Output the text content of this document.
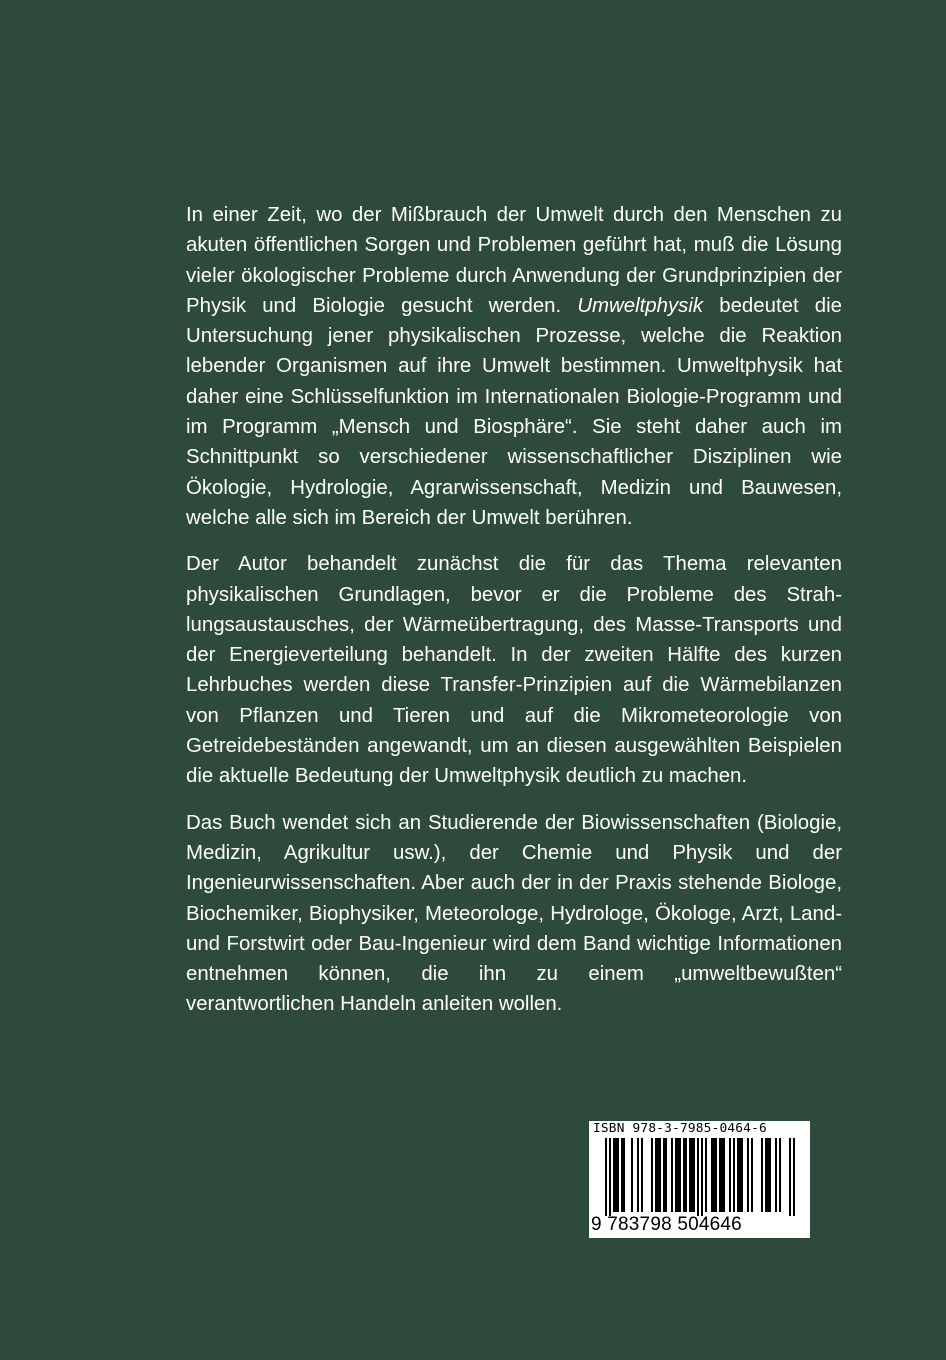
In einer Zeit, wo der Mißbrauch der Umwelt durch den Menschen zu akuten öffentlichen Sorgen und Problemen geführt hat, muß die Lösung vieler ökologischer Probleme durch Anwendung der Grundprinzipien der Physik und Biologie gesucht werden. Umweltphysik bedeutet die Untersuchung jener physikalischen Prozesse, welche die Reaktion lebender Organismen auf ihre Umwelt bestimmen. Umweltphysik hat daher eine Schlüsselfunktion im Internationalen Biologie-Programm und im Programm „Mensch und Biosphäre“. Sie steht daher auch im Schnittpunkt so verschiedener wissenschaftlicher Disziplinen wie Ökologie, Hydrologie, Agrarwissenschaft, Medizin und Bauwesen, welche alle sich im Bereich der Umwelt berühren.

Der Autor behandelt zunächst die für das Thema relevanten physikalischen Grundlagen, bevor er die Probleme des Strahlungsaustausches, der Wärmeübertragung, des Masse-Transports und der Energieverteilung behandelt. In der zweiten Hälfte des kurzen Lehrbuches werden diese Transfer-Prinzipien auf die Wärmebilanzen von Pflanzen und Tieren und auf die Mikrometeorologie von Getreidebeständen angewandt, um an diesen ausgewählten Beispielen die aktuelle Bedeutung der Umweltphysik deutlich zu machen.

Das Buch wendet sich an Studierende der Biowissenschaften (Biologie, Medizin, Agrikultur usw.), der Chemie und Physik und der Ingenieurwissenschaften. Aber auch der in der Praxis stehende Biologe, Biochemiker, Biophysiker, Meteorologe, Hydrologe, Ökologe, Arzt, Land- und Forstwirt oder Bau-Ingenieur wird dem Band wichtige Informationen entnehmen können, die ihn zu einem „umweltbewußten“ verantwortlichen Handeln anleiten wollen.

ISBN 978-3-7985-0464-6
9 783798 504646
